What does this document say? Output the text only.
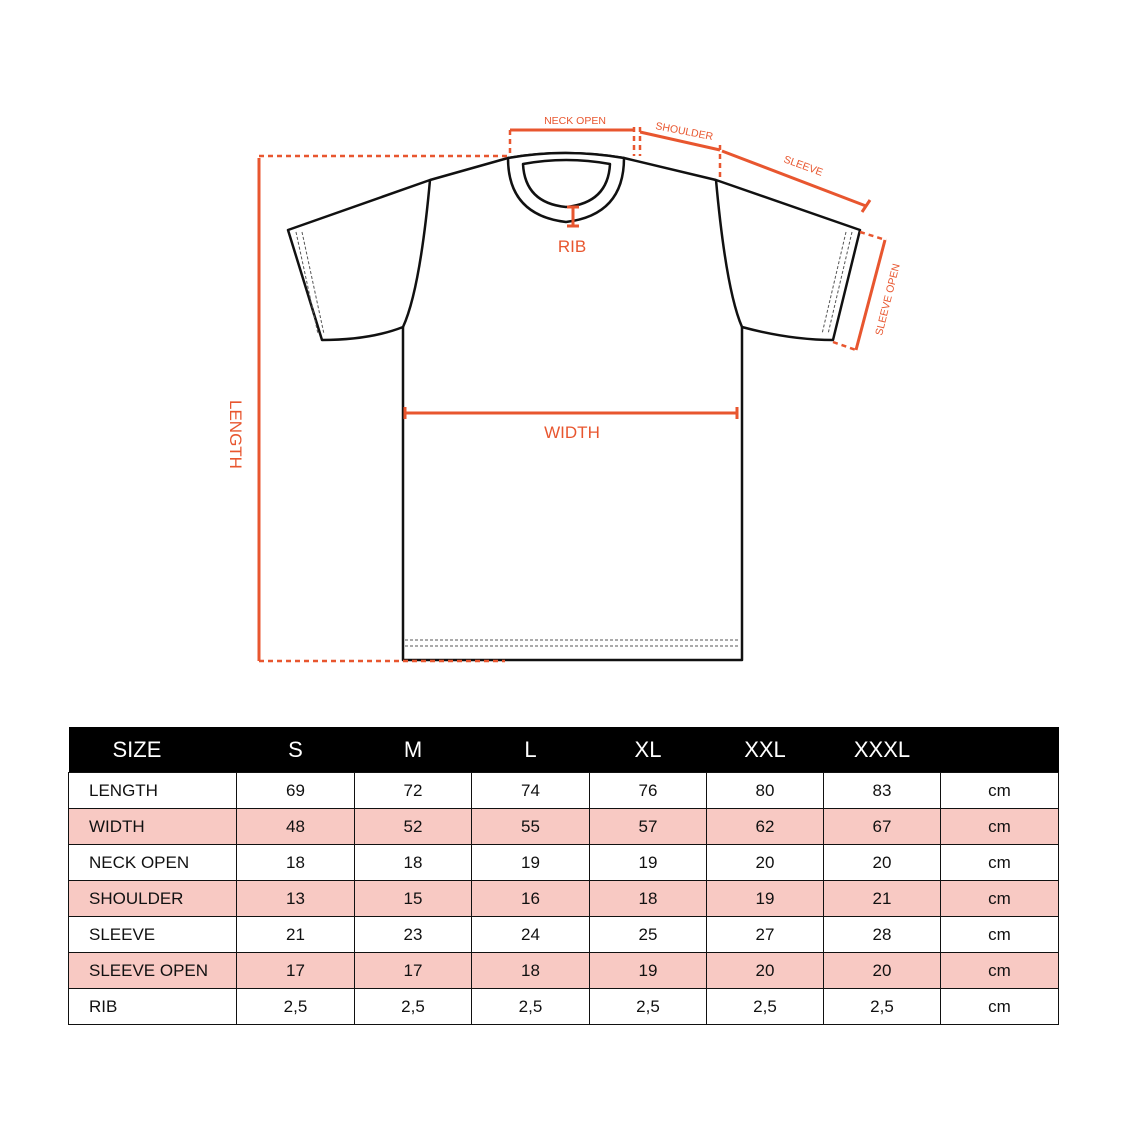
LENGTH	WIDTH
RIB
NECK OPEN	SHOULDER
SLEEVE
SLEEVE OPEN
SIZE	S	M	L	XL	XXL	XXXL	
LENGTH	69	72	74	76	80	83	cm
WIDTH	48	52	55	57	62	67	cm
NECK OPEN	18	18	19	19	20	20	cm
SHOULDER	13	15	16	18	19	21	cm
SLEEVE	21	23	24	25	27	28	cm
SLEEVE OPEN	17	17	18	19	20	20	cm
RIB	2,5	2,5	2,5	2,5	2,5	2,5	cm
